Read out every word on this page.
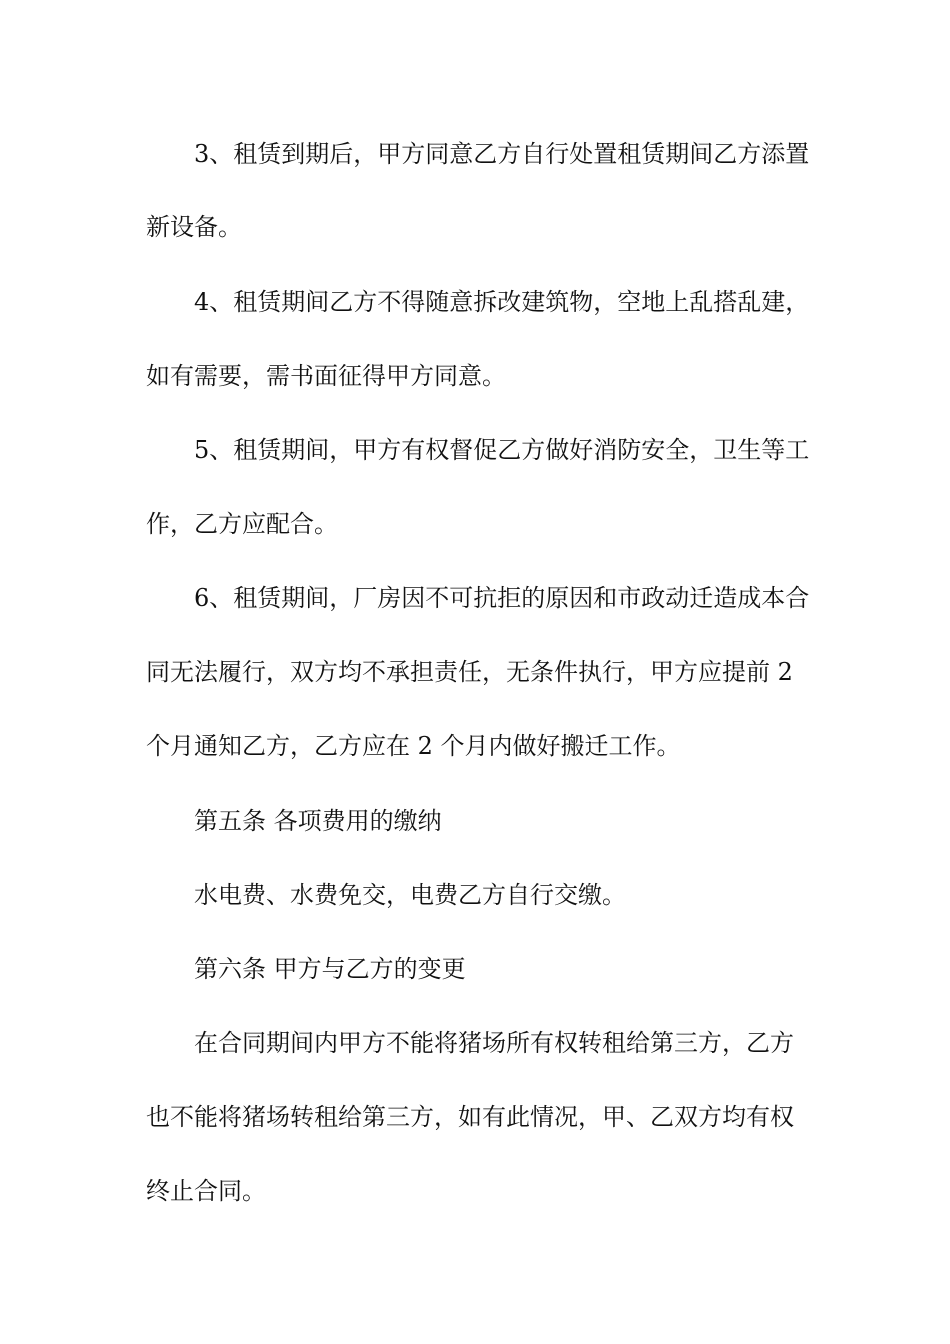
3、租赁到期后，甲方同意乙方自行处置租赁期间乙方添置
新设备。
4、租赁期间乙方不得随意拆改建筑物，空地上乱搭乱建，
如有需要，需书面征得甲方同意。
5、租赁期间，甲方有权督促乙方做好消防安全，卫生等工
作，乙方应配合。
6、租赁期间，厂房因不可抗拒的原因和市政动迁造成本合
同无法履行，双方均不承担责任，无条件执行，甲方应提前 2
个月通知乙方，乙方应在 2 个月内做好搬迁工作。
第五条 各项费用的缴纳
水电费、水费免交，电费乙方自行交缴。
第六条 甲方与乙方的变更
在合同期间内甲方不能将猪场所有权转租给第三方，乙方
也不能将猪场转租给第三方，如有此情况，甲、乙双方均有权
终止合同。
